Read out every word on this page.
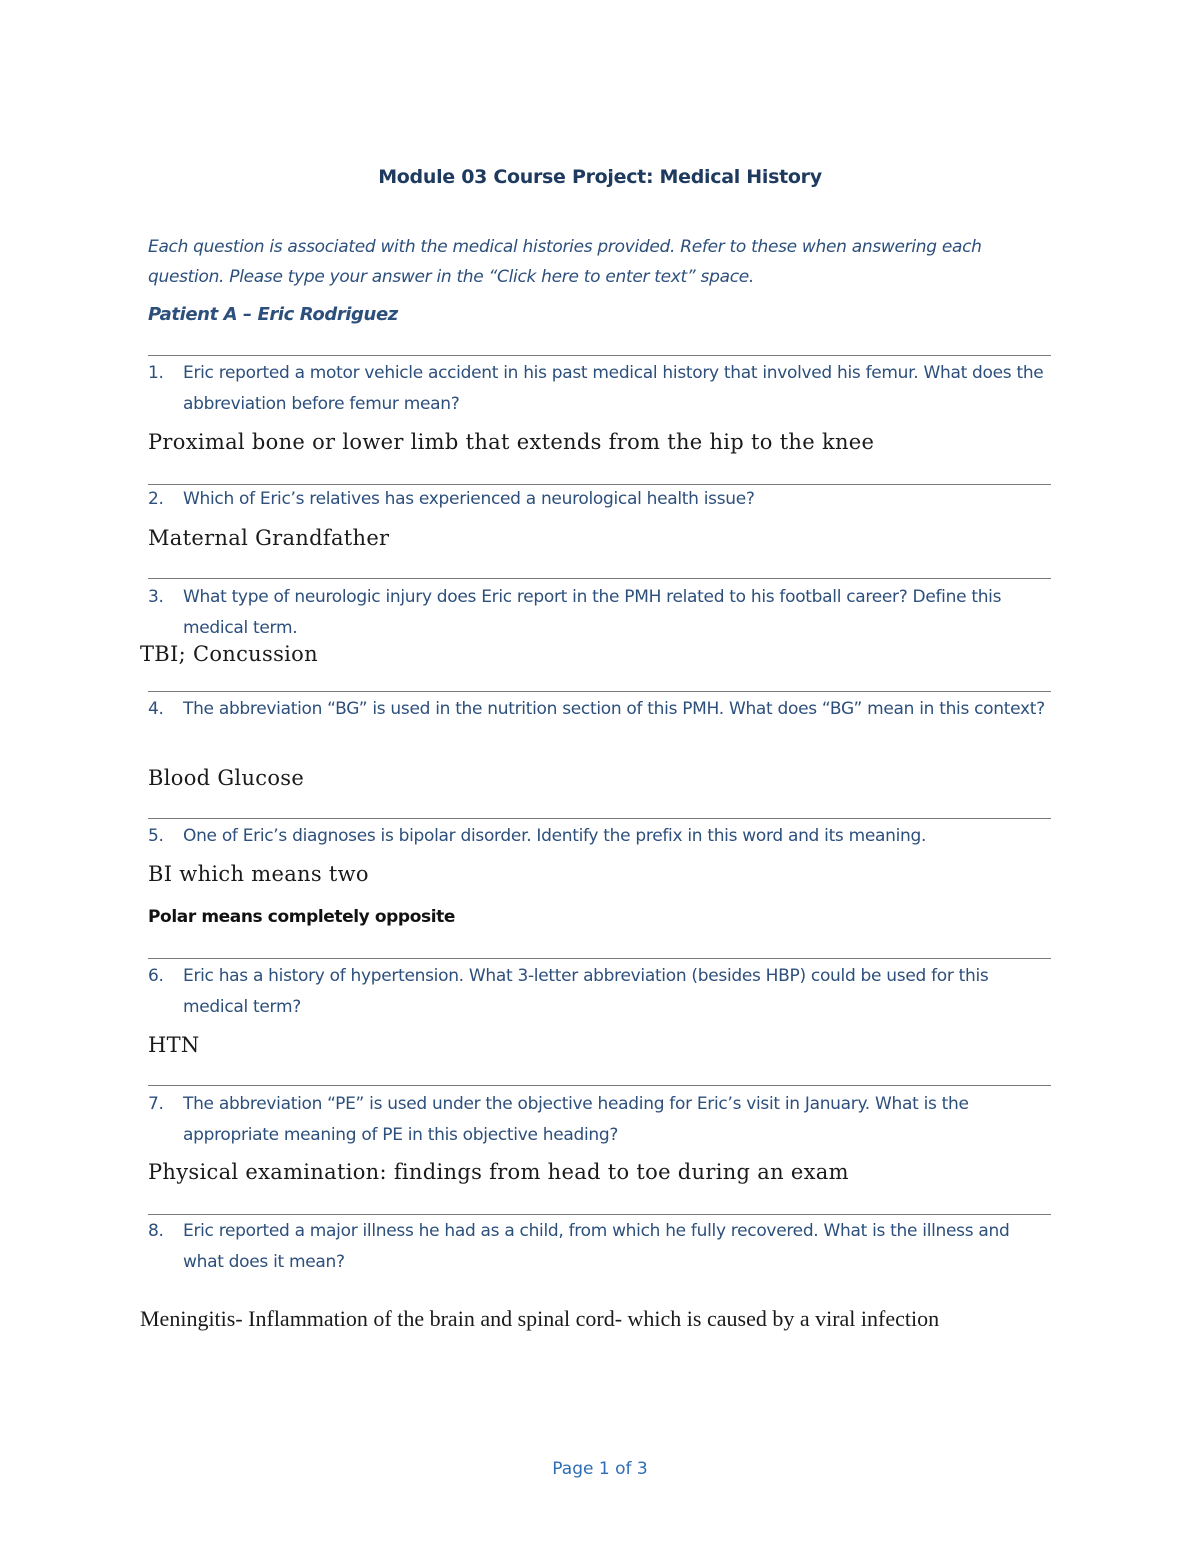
Module 03 Course Project: Medical History
Each question is associated with the medical histories provided. Refer to these when answering each question. Please type your answer in the “Click here to enter text” space.
Patient A – Eric Rodriguez
1. Eric reported a motor vehicle accident in his past medical history that involved his femur. What does the abbreviation before femur mean?
Proximal bone or lower limb that extends from the hip to the knee
2. Which of Eric’s relatives has experienced a neurological health issue?
Maternal Grandfather
3. What type of neurologic injury does Eric report in the PMH related to his football career? Define this medical term.
TBI; Concussion
4. The abbreviation “BG” is used in the nutrition section of this PMH. What does “BG” mean in this context?
Blood Glucose
5. One of Eric’s diagnoses is bipolar disorder. Identify the prefix in this word and its meaning.
BI which means two
Polar means completely opposite
6. Eric has a history of hypertension. What 3-letter abbreviation (besides HBP) could be used for this medical term?
HTN
7. The abbreviation “PE” is used under the objective heading for Eric’s visit in January. What is the appropriate meaning of PE in this objective heading?
Physical examination: findings from head to toe during an exam
8. Eric reported a major illness he had as a child, from which he fully recovered. What is the illness and what does it mean?
Meningitis- Inflammation of the brain and spinal cord- which is caused by a viral infection
Page 1 of 3
